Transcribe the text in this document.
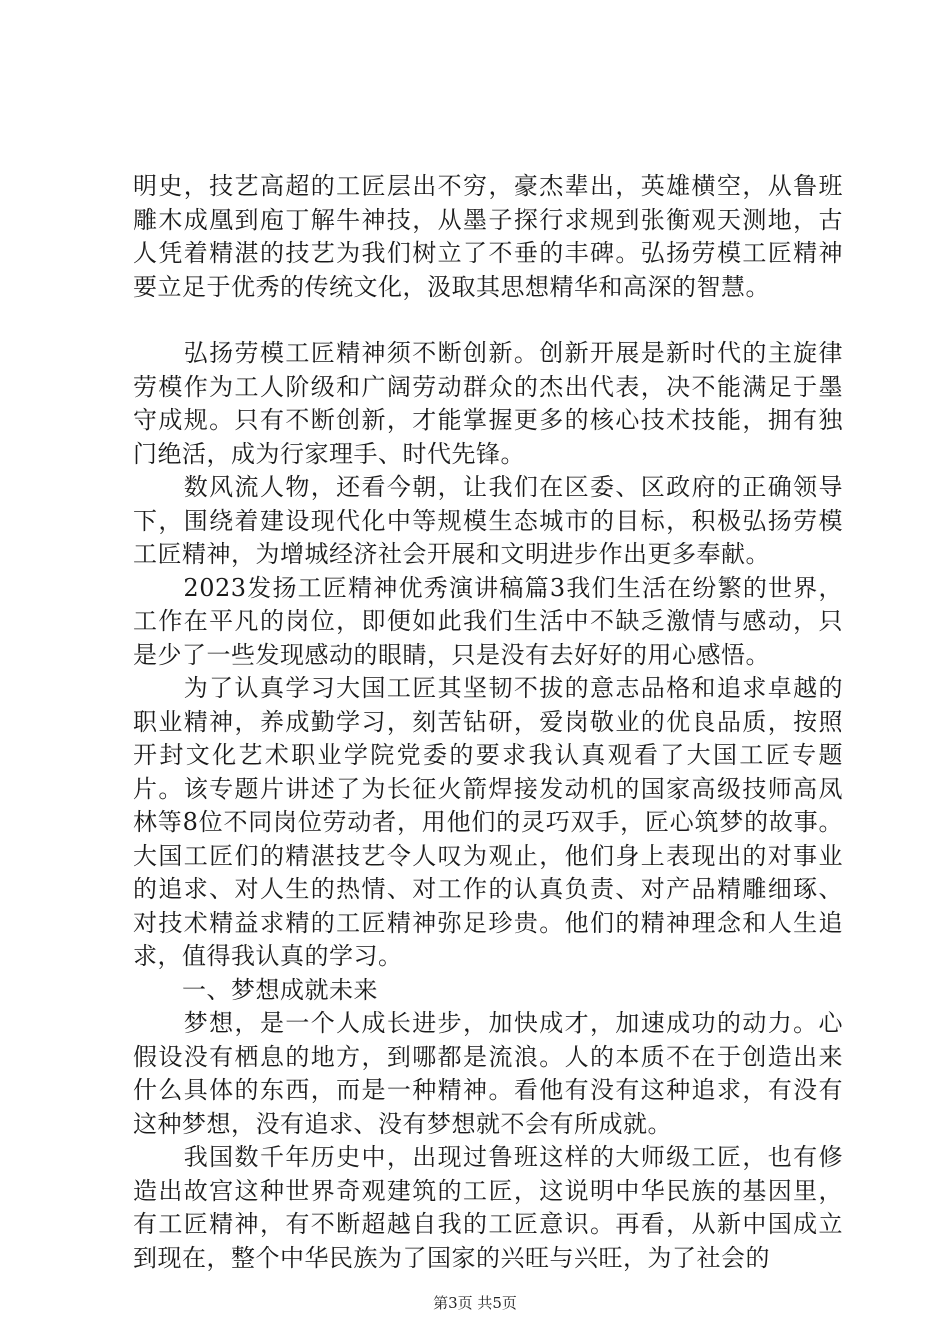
明史，技艺高超的工匠层出不穷，豪杰辈出，英雄横空，从鲁班雕木成凰到庖丁解牛神技，从墨子探行求规到张衡观天测地，古人凭着精湛的技艺为我们树立了不垂的丰碑。弘扬劳模工匠精神要立足于优秀的传统文化，汲取其思想精华和高深的智慧。

　　弘扬劳模工匠精神须不断创新。创新开展是新时代的主旋律劳模作为工人阶级和广阔劳动群众的杰出代表，决不能满足于墨守成规。只有不断创新，才能掌握更多的核心技术技能，拥有独门绝活，成为行家理手、时代先锋。

　　数风流人物，还看今朝，让我们在区委、区政府的正确领导下，围绕着建设现代化中等规模生态城市的目标，积极弘扬劳模工匠精神，为增城经济社会开展和文明进步作出更多奉献。

　　2023发扬工匠精神优秀演讲稿篇3我们生活在纷繁的世界，工作在平凡的岗位，即便如此我们生活中不缺乏激情与感动，只是少了一些发现感动的眼睛，只是没有去好好的用心感悟。

　　为了认真学习大国工匠其坚韧不拔的意志品格和追求卓越的职业精神，养成勤学习，刻苦钻研，爱岗敬业的优良品质，按照开封文化艺术职业学院党委的要求我认真观看了大国工匠专题片。该专题片讲述了为长征火箭焊接发动机的国家高级技师高凤林等8位不同岗位劳动者，用他们的灵巧双手，匠心筑梦的故事。大国工匠们的精湛技艺令人叹为观止，他们身上表现出的对事业的追求、对人生的热情、对工作的认真负责、对产品精雕细琢、对技术精益求精的工匠精神弥足珍贵。他们的精神理念和人生追求，值得我认真的学习。

　　一、梦想成就未来

　　梦想，是一个人成长进步，加快成才，加速成功的动力。心假设没有栖息的地方，到哪都是流浪。人的本质不在于创造出来什么具体的东西，而是一种精神。看他有没有这种追求，有没有这种梦想，没有追求、没有梦想就不会有所成就。

　　我国数千年历史中，出现过鲁班这样的大师级工匠，也有修造出故宫这种世界奇观建筑的工匠，这说明中华民族的基因里，有工匠精神，有不断超越自我的工匠意识。再看，从新中国成立到现在，整个中华民族为了国家的兴旺与兴旺，为了社会的

第3页 共5页
